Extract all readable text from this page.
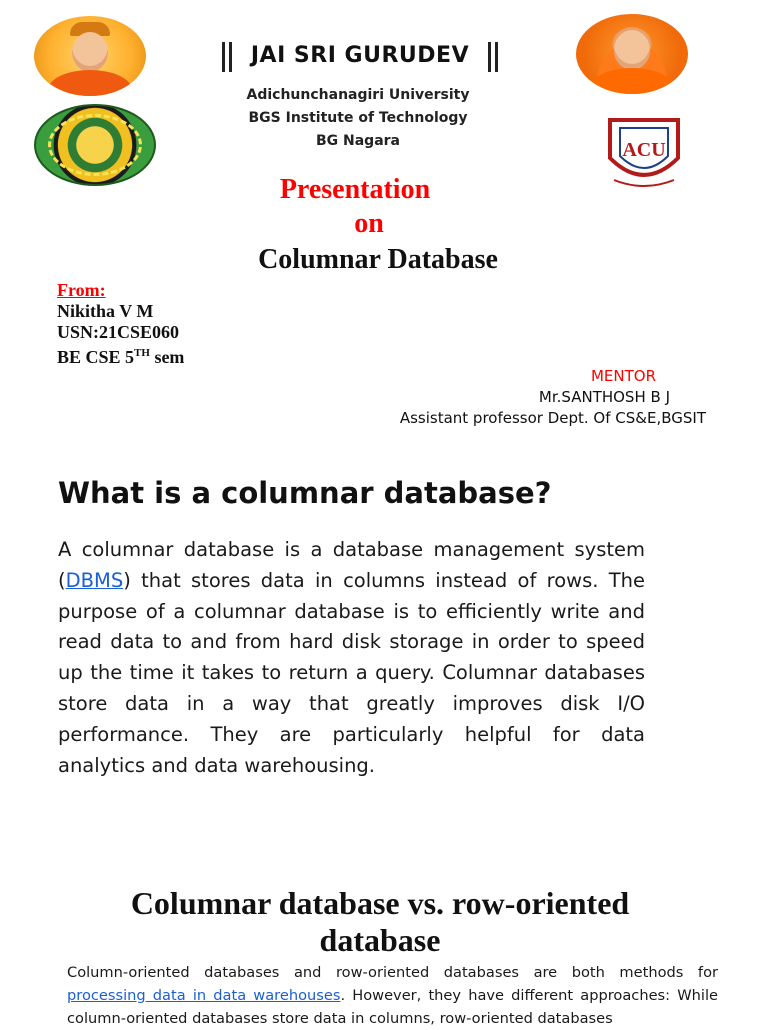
ACU
JAI SRI GURUDEV
Adichunchanagiri University
BGS Institute of Technology
BG Nagara
Presentation
on
Columnar Database
From:
Nikitha V M
USN:21CSE060
BE CSE 5TH sem
MENTOR
Mr.SANTHOSH B J
Assistant professor Dept. Of CS&E,BGSIT
What is a columnar database?
A columnar database is a database management system (DBMS) that stores data in columns instead of rows. The purpose of a columnar database is to efficiently write and read data to and from hard disk storage in order to speed up the time it takes to return a query. Columnar databases store data in a way that greatly improves disk I/O performance. They are particularly helpful for data analytics and data warehousing.
Columnar database vs. row-oriented database
Column-oriented databases and row-oriented databases are both methods for processing data in data warehouses. However, they have different approaches: While column-oriented databases store data in columns, row-oriented databases
